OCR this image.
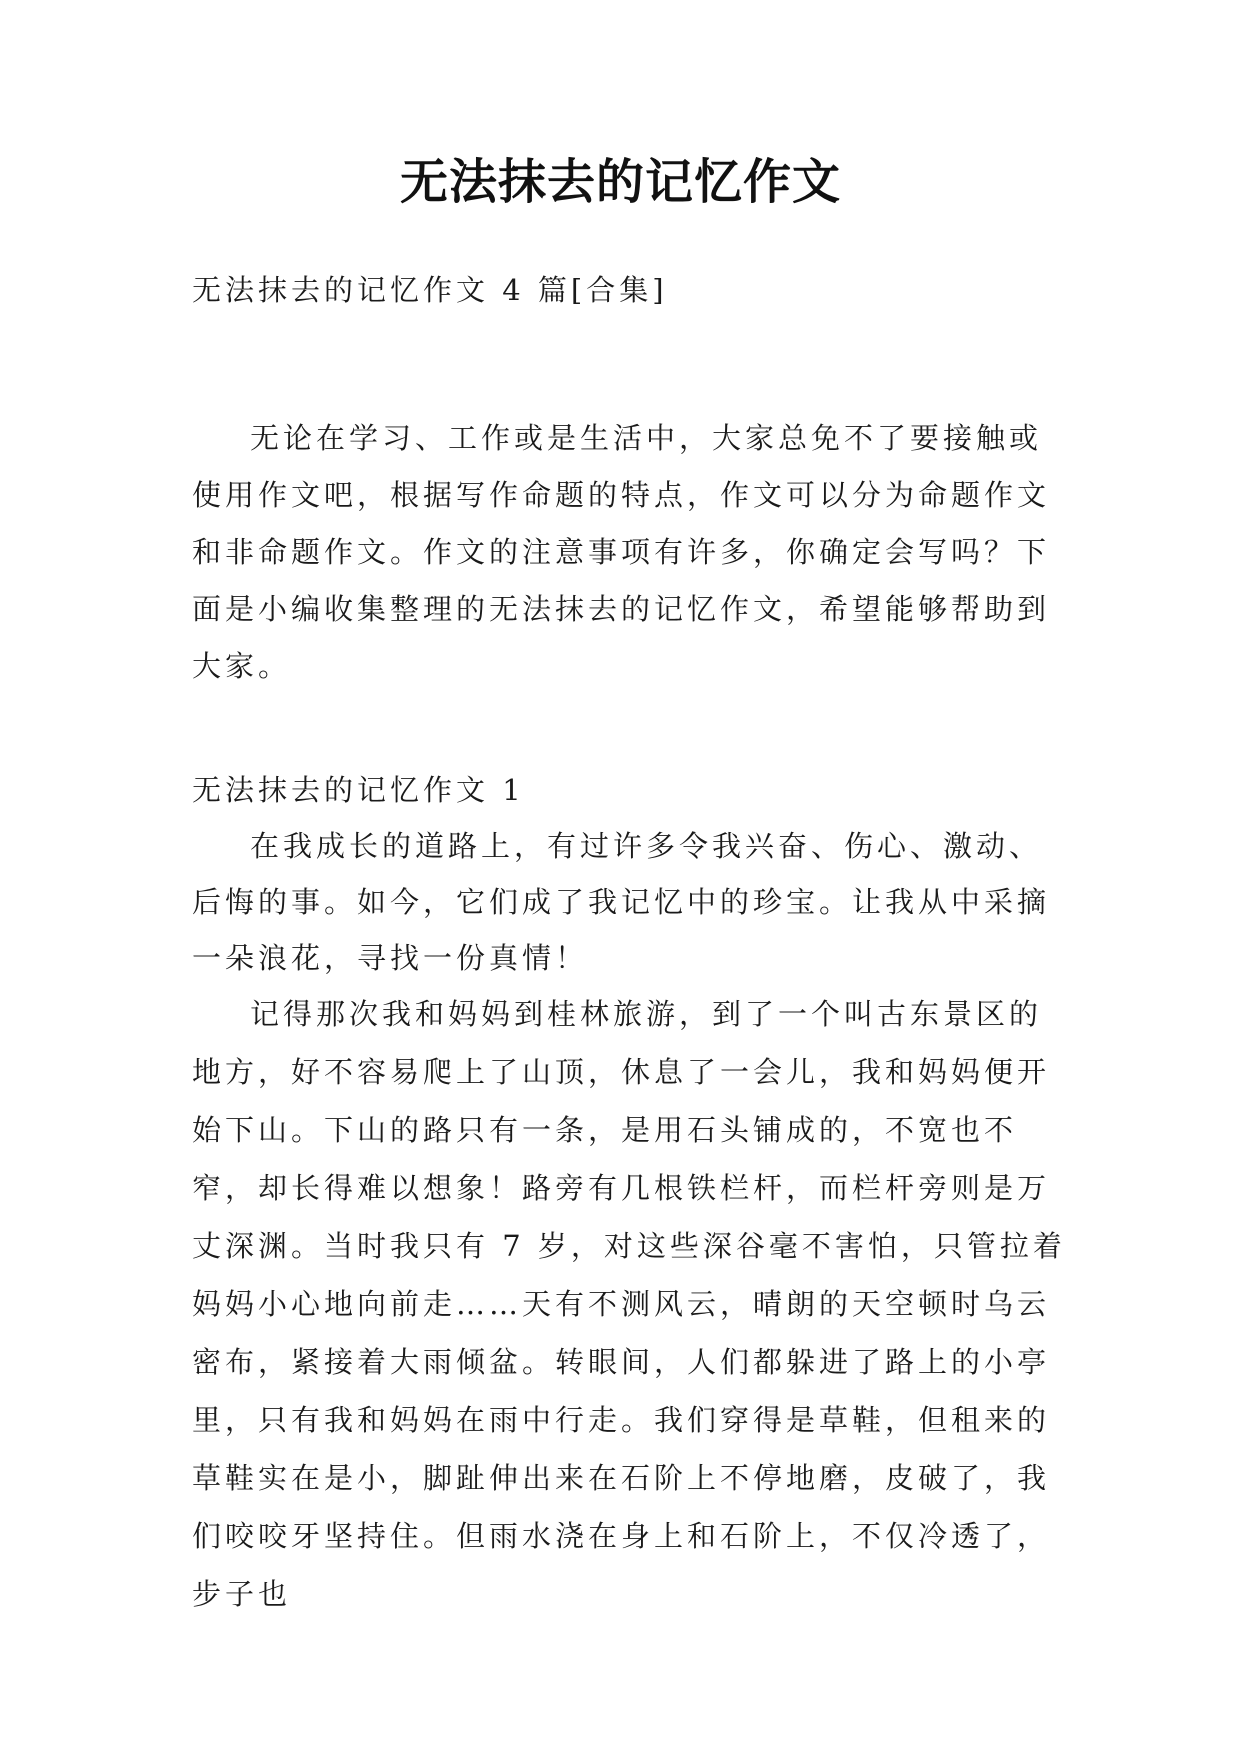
无法抹去的记忆作文

无法抹去的记忆作文 4 篇[合集]

无论在学习、工作或是生活中，大家总免不了要接触或使用作文吧，根据写作命题的特点，作文可以分为命题作文和非命题作文。作文的注意事项有许多，你确定会写吗？下面是小编收集整理的无法抹去的记忆作文，希望能够帮助到大家。

无法抹去的记忆作文 1

在我成长的道路上，有过许多令我兴奋、伤心、激动、后悔的事。如今，它们成了我记忆中的珍宝。让我从中采摘一朵浪花，寻找一份真情！

记得那次我和妈妈到桂林旅游，到了一个叫古东景区的地方，好不容易爬上了山顶，休息了一会儿，我和妈妈便开始下山。下山的路只有一条，是用石头铺成的，不宽也不窄，却长得难以想象！路旁有几根铁栏杆，而栏杆旁则是万丈深渊。当时我只有 7 岁，对这些深谷毫不害怕，只管拉着妈妈小心地向前走……天有不测风云，晴朗的天空顿时乌云密布，紧接着大雨倾盆。转眼间，人们都躲进了路上的小亭里，只有我和妈妈在雨中行走。我们穿得是草鞋，但租来的草鞋实在是小，脚趾伸出来在石阶上不停地磨，皮破了，我们咬咬牙坚持住。但雨水浇在身上和石阶上，不仅冷透了，步子也
